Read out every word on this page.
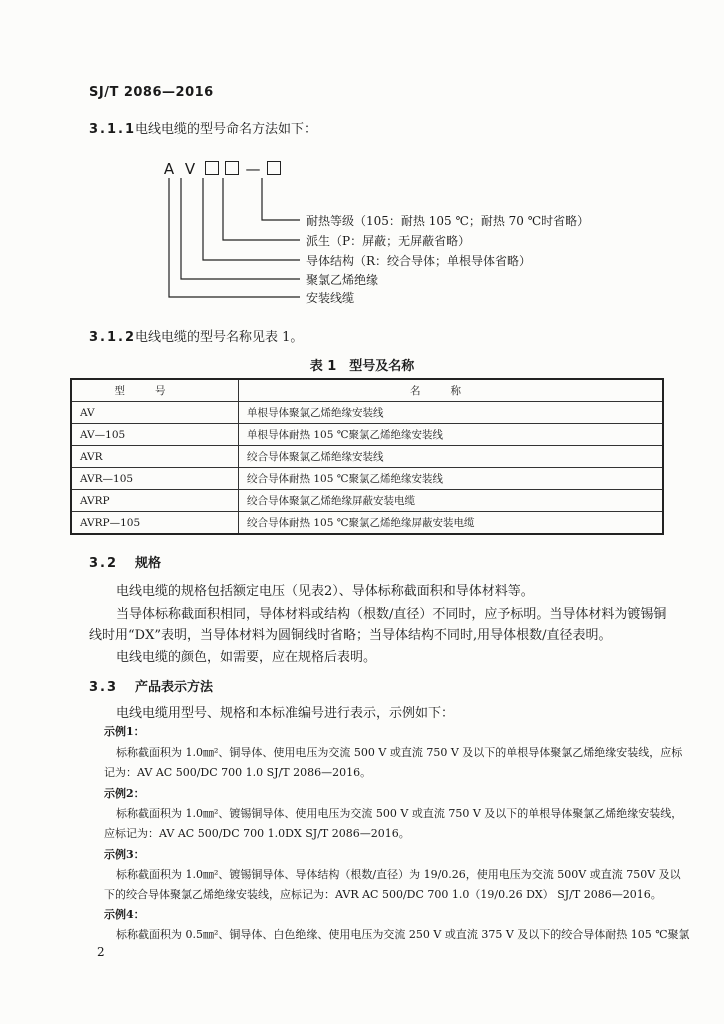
SJ/T 2086—2016
3.1.1电线电缆的型号命名方法如下：
A V	—
耐热等级（105：耐热 105 ℃；耐热 70 ℃时省略）
派生（P：屏蔽；无屏蔽省略）
导体结构（R：绞合导体；单根导体省略）
聚氯乙烯绝缘
安装线缆
3.1.2电线电缆的型号名称见表 1。
表 1　型号及名称
型号	名称
AV	单根导体聚氯乙烯绝缘安装线
AV—105	单根导体耐热 105 ℃聚氯乙烯绝缘安装线
AVR	绞合导体聚氯乙烯绝缘安装线
AVR—105	绞合导体耐热 105 ℃聚氯乙烯绝缘安装线
AVRP	绞合导体聚氯乙烯绝缘屏蔽安装电缆
AVRP—105	绞合导体耐热 105 ℃聚氯乙烯绝缘屏蔽安装电缆
3.2 规格
电线电缆的规格包括额定电压（见表2）、导体标称截面积和导体材料等。
当导体标称截面积相同，导体材料或结构（根数/直径）不同时，应予标明。当导体材料为镀锡铜
线时用“DX”表明，当导体材料为圆铜线时省略；当导体结构不同时,用导体根数/直径表明。
电线电缆的颜色，如需要，应在规格后表明。
3.3 产品表示方法
电线电缆用型号、规格和本标准编号进行表示，示例如下：
示例1：
标称截面积为 1.0㎜²、铜导体、使用电压为交流 500 V 或直流 750 V 及以下的单根导体聚氯乙烯绝缘安装线，应标
记为：AV AC 500/DC 700 1.0 SJ/T 2086—2016。
示例2：
标称截面积为 1.0㎜²、镀锡铜导体、使用电压为交流 500 V 或直流 750 V 及以下的单根导体聚氯乙烯绝缘安装线，
应标记为：AV AC 500/DC 700 1.0DX SJ/T 2086—2016。
示例3：
标称截面积为 1.0㎜²、镀锡铜导体、导体结构（根数/直径）为 19/0.26，使用电压为交流 500V 或直流 750V 及以
下的绞合导体聚氯乙烯绝缘安装线，应标记为：AVR AC 500/DC 700 1.0（19/0.26 DX） SJ/T 2086—2016。
示例4：
标称截面积为 0.5㎜²、铜导体、白色绝缘、使用电压为交流 250 V 或直流 375 V 及以下的绞合导体耐热 105 ℃聚氯
2
